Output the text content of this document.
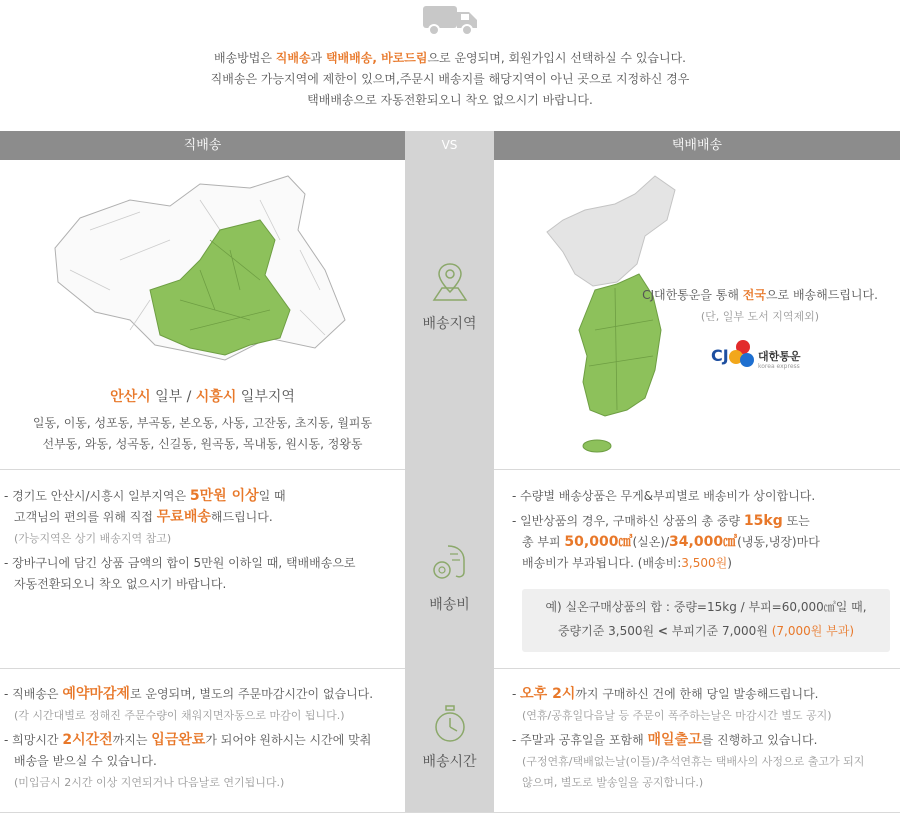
배송방법은 직배송과 택배배송, 바로드림으로 운영되며, 회원가입시 선택하실 수 있습니다.
직배송은 가능지역에 제한이 있으며,주문시 배송지를 해당지역이 아닌 곳으로 지정하신 경우
택배배송으로 자동전환되오니 착오 없으시기 바랍니다.
직배송	택배배송
VS
배송지역
배송비
배송시간
안산시 일부 / 시흥시 일부지역
일동, 이동, 성포동, 부곡동, 본오동, 사동, 고잔동, 초지동, 월피동
선부동, 와동, 성곡동, 신길동, 원곡동, 목내동, 원시동, 정왕동
CJ대한통운을 통해 전국으로 배송해드립니다.
(단, 일부 도서 지역제외)
CJ	대한통운
korea express
- 경기도 안산시/시흥시 일부지역은 5만원 이상일 때
고객님의 편의를 위해 직접 무료배송해드립니다.
(가능지역은 상기 배송지역 참고)
- 장바구니에 담긴 상품 금액의 합이 5만원 이하일 때, 택배배송으로
자동전환되오니 착오 없으시기 바랍니다.
- 수량별 배송상품은 무게&부피별로 배송비가 상이합니다.
- 일반상품의 경우, 구매하신 상품의 총 중량 15kg 또는
총 부피 50,000㎤(실온)/34,000㎤(냉동,냉장)마다
배송비가 부과됩니다. (배송비:3,500원)
예) 실온구매상품의 합 : 중량=15kg / 부피=60,000㎤일 때,
중량기준 3,500원 < 부피기준 7,000원 (7,000원 부과)
- 직배송은 예약마감제로 운영되며, 별도의 주문마감시간이 없습니다.
(각 시간대별로 정해진 주문수량이 채워지면자동으로 마감이 됩니다.)
- 희망시간 2시간전까지는 입금완료가 되어야 원하시는 시간에 맞춰
배송을 받으실 수 있습니다.
(미입금시 2시간 이상 지연되거나 다음날로 연기됩니다.)
- 오후 2시까지 구매하신 건에 한해 당일 발송해드립니다.
(연휴/공휴일다음날 등 주문이 폭주하는날은 마감시간 별도 공지)
- 주말과 공휴일을 포함해 매일출고를 진행하고 있습니다.
(구정연휴/택배없는날(이틀)/추석연휴는 택배사의 사정으로 출고가 되지
않으며, 별도로 발송일을 공지합니다.)
